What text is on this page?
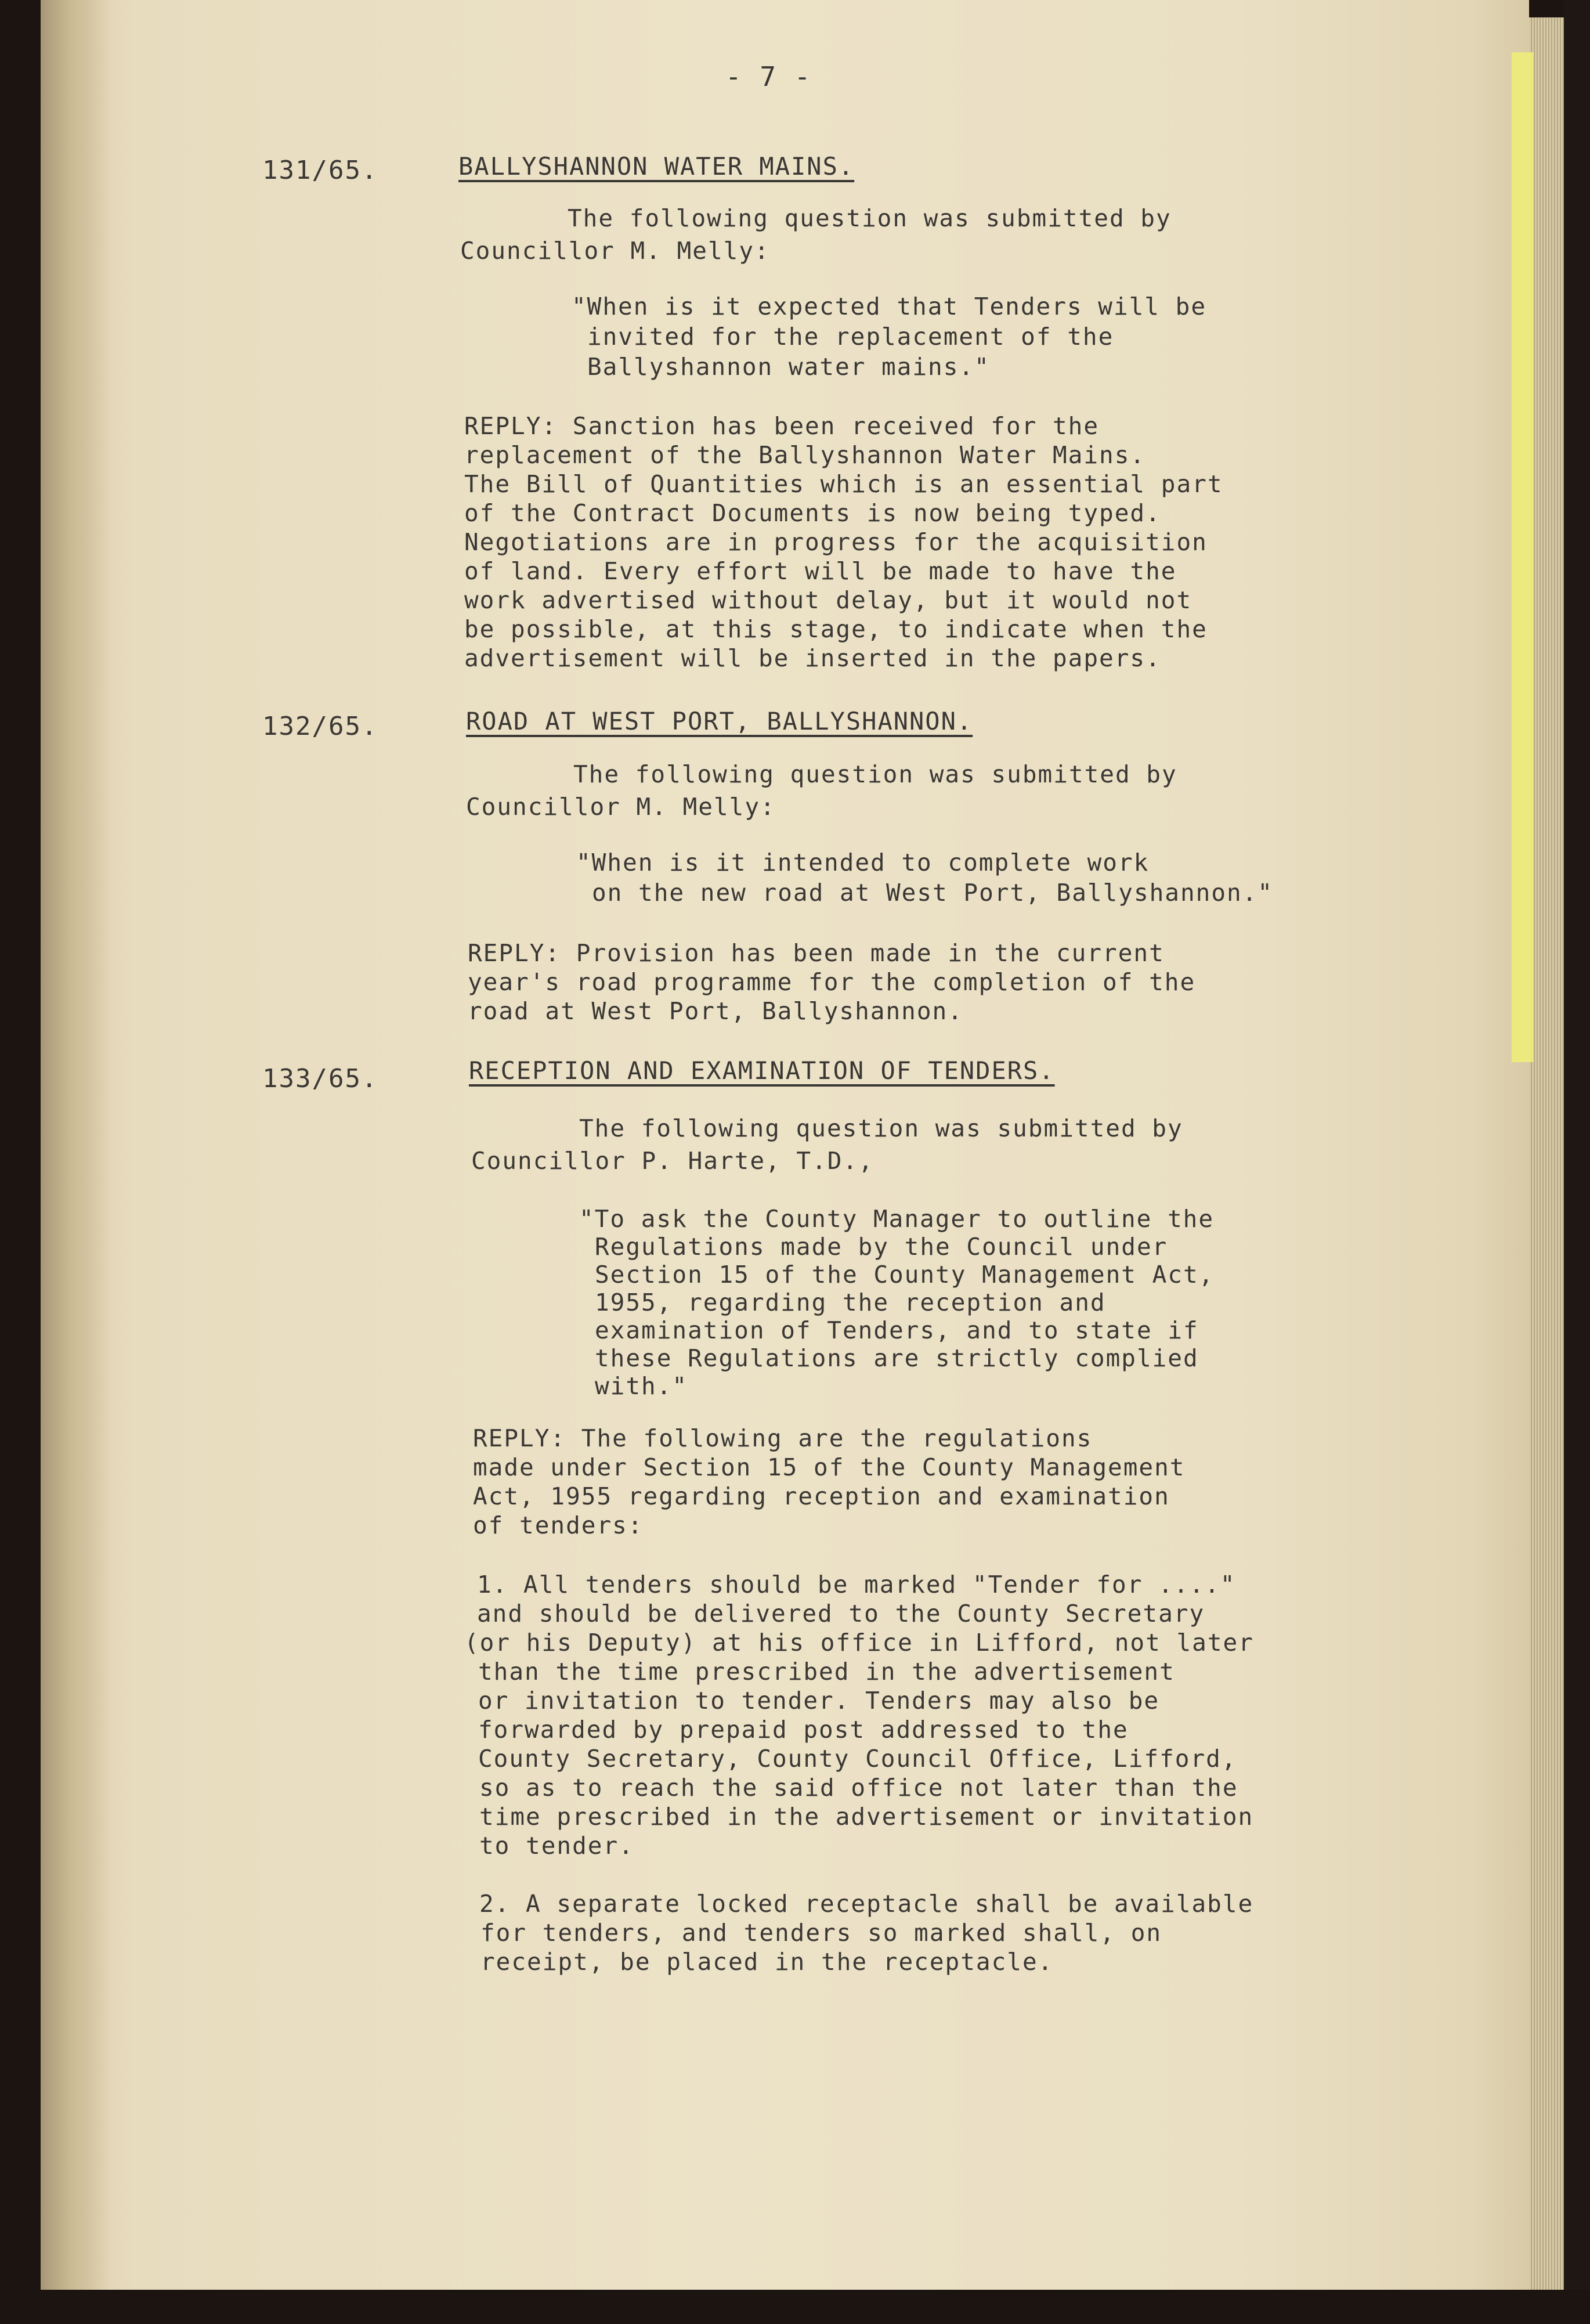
- 7 -
131/65.	BALLYSHANNON WATER MAINS.
The following question was submitted by
Councillor M. Melly:
"When is it expected that Tenders will be
invited for the replacement of the
Ballyshannon water mains."
REPLY: Sanction has been received for the
replacement of the Ballyshannon Water Mains.
The Bill of Quantities which is an essential part
of the Contract Documents is now being typed.
Negotiations are in progress for the acquisition
of land. Every effort will be made to have the
work advertised without delay, but it would not
be possible, at this stage, to indicate when the
advertisement will be inserted in the papers.
132/65.	ROAD AT WEST PORT, BALLYSHANNON.
The following question was submitted by
Councillor M. Melly:
"When is it intended to complete work
on the new road at West Port, Ballyshannon."
REPLY: Provision has been made in the current
year's road programme for the completion of the
road at West Port, Ballyshannon.
133/65.	RECEPTION AND EXAMINATION OF TENDERS.
The following question was submitted by
Councillor P. Harte, T.D.,
"To ask the County Manager to outline the
Regulations made by the Council under
Section 15 of the County Management Act,
1955, regarding the reception and
examination of Tenders, and to state if
these Regulations are strictly complied
with."
REPLY: The following are the regulations
made under Section 15 of the County Management
Act, 1955 regarding reception and examination
of tenders:
1. All tenders should be marked "Tender for ...."
and should be delivered to the County Secretary
(or his Deputy) at his office in Lifford, not later
than the time prescribed in the advertisement
or invitation to tender. Tenders may also be
forwarded by prepaid post addressed to the
County Secretary, County Council Office, Lifford,
so as to reach the said office not later than the
time prescribed in the advertisement or invitation
to tender.
2. A separate locked receptacle shall be available
for tenders, and tenders so marked shall, on
receipt, be placed in the receptacle.
